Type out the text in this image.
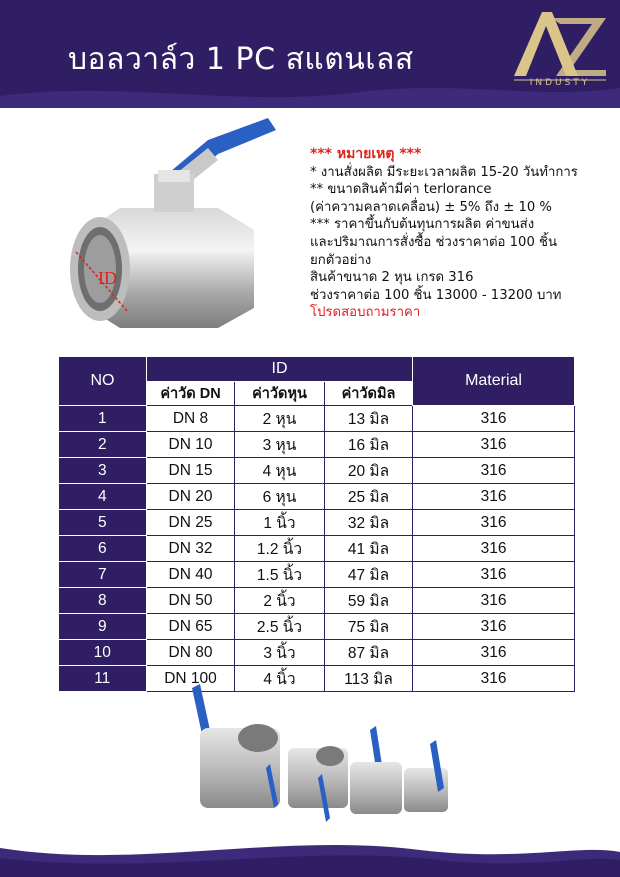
บอลวาล์ว 1 PC สแตนเลส
INDUSTY
ID
*** หมายเหตุ ***
* งานสั่งผลิต มีระยะเวลาผลิต 15-20 วันทำการ
** ขนาดสินค้ามีค่า terlorance
(ค่าความคลาดเคลื่อน) ± 5% ถึง ± 10 %
*** ราคาขึ้นกับต้นทุนการผลิต ค่าขนส่ง
และปริมาณการสั่งซื้อ ช่วงราคาต่อ 100 ชิ้น
ยกตัวอย่าง
สินค้าขนาด 2 หุน เกรด 316
ช่วงราคาต่อ 100 ชิ้น 13000 - 13200 บาท
โปรดสอบถามราคา
NO	ID			Material
	ค่าวัด DN	ค่าวัดหุน	ค่าวัดมิล	
1	DN 8	2 หุน	13 มิล	316
2	DN 10	3 หุน	16 มิล	316
3	DN 15	4 หุน	20 มิล	316
4	DN 20	6 หุน	25 มิล	316
5	DN 25	1 นิ้ว	32 มิล	316
6	DN 32	1.2 นิ้ว	41 มิล	316
7	DN 40	1.5 นิ้ว	47 มิล	316
8	DN 50	2 นิ้ว	59 มิล	316
9	DN 65	2.5 นิ้ว	75 มิล	316
10	DN 80	3 นิ้ว	87 มิล	316
11	DN 100	4 นิ้ว	113 มิล	316
